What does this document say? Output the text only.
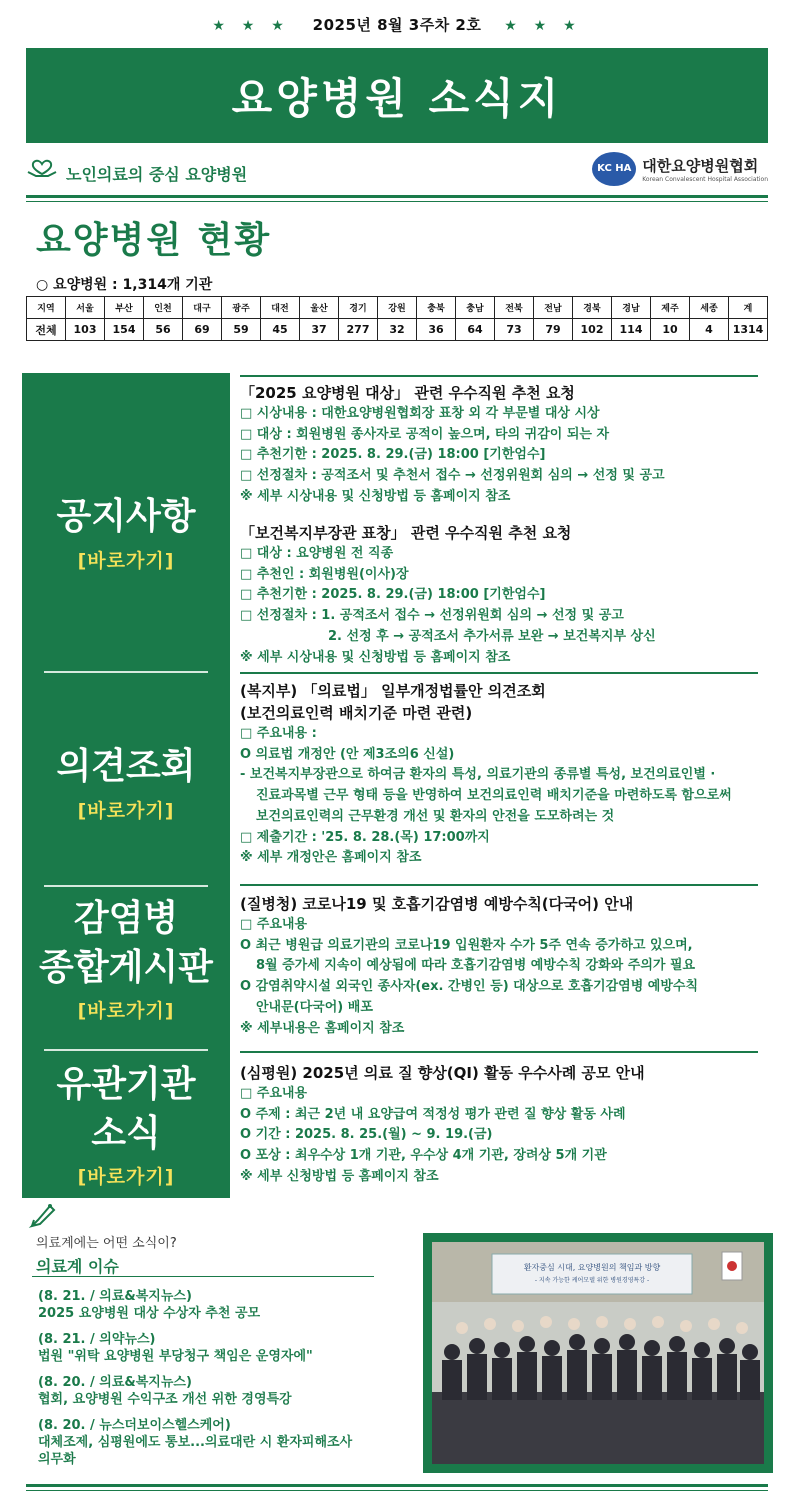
★ ★ ★ 2025년 8월 3주차 2호 ★ ★ ★
요양병원 소식지
노인의료의 중심 요양병원	KC HA 대한요양병원협회
Korean Convalescent Hospital Association
요양병원 현황
○ 요양병원 : 1,314개 기관
지역	서울	부산	인천	대구	광주	대전	울산	경기	강원	충북	충남	전북	전남	경북	경남	제주	세종	계
전체	103	154	56	69	59	45	37	277	32	36	64	73	79	102	114	10	4	1314
공지사항
[바로가기]
의견조회
[바로가기]
감염병
종합게시판
[바로가기]
유관기관
소식
[바로가기]
「2025 요양병원 대상」 관련 우수직원 추천 요청
□ 시상내용 : 대한요양병원협회장 표창 외 각 부문별 대상 시상
□ 대상 : 회원병원 종사자로 공적이 높으며, 타의 귀감이 되는 자
□ 추천기한 : 2025. 8. 29.(금) 18:00 [기한엄수]
□ 선정절차 : 공적조서 및 추천서 접수 → 선정위원회 심의 → 선정 및 공고
※ 세부 시상내용 및 신청방법 등 홈페이지 참조
「보건복지부장관 표창」 관련 우수직원 추천 요청
□ 대상 : 요양병원 전 직종
□ 추천인 : 회원병원(이사)장
□ 추천기한 : 2025. 8. 29.(금) 18:00 [기한엄수]
□ 선정절차 : 1. 공적조서 접수 → 선정위원회 심의 → 선정 및 공고
2. 선정 후 → 공적조서 추가서류 보완 → 보건복지부 상신
※ 세부 시상내용 및 신청방법 등 홈페이지 참조
(복지부) 「의료법」 일부개정법률안 의견조회
(보건의료인력 배치기준 마련 관련)
□ 주요내용 :
O 의료법 개정안 (안 제3조의6 신설)
- 보건복지부장관으로 하여금 환자의 특성, 의료기관의 종류별 특성, 보건의료인별 ·
진료과목별 근무 형태 등을 반영하여 보건의료인력 배치기준을 마련하도록 함으로써
보건의료인력의 근무환경 개선 및 환자의 안전을 도모하려는 것
□ 제출기간 : '25. 8. 28.(목) 17:00까지
※ 세부 개정안은 홈페이지 참조
(질병청) 코로나19 및 호흡기감염병 예방수칙(다국어) 안내
□ 주요내용
O 최근 병원급 의료기관의 코로나19 입원환자 수가 5주 연속 증가하고 있으며,
8월 증가세 지속이 예상됨에 따라 호흡기감염병 예방수칙 강화와 주의가 필요
O 감염취약시설 외국인 종사자(ex. 간병인 등) 대상으로 호흡기감염병 예방수칙
안내문(다국어) 배포
※ 세부내용은 홈페이지 참조
(심평원) 2025년 의료 질 향상(QI) 활동 우수사례 공모 안내
□ 주요내용
O 주제 : 최근 2년 내 요양급여 적정성 평가 관련 질 향상 활동 사례
O 기간 : 2025. 8. 25.(월) ~ 9. 19.(금)
O 포상 : 최우수상 1개 기관, 우수상 4개 기관, 장려상 5개 기관
※ 세부 신청방법 등 홈페이지 참조
의료계에는 어떤 소식이?
의료계 이슈
(8. 21. / 의료&복지뉴스)
2025 요양병원 대상 수상자 추천 공모
(8. 21. / 의약뉴스)
법원 "위탁 요양병원 부당청구 책임은 운영자에"
(8. 20. / 의료&복지뉴스)
협회, 요양병원 수익구조 개선 위한 경영특강
(8. 20. / 뉴스더보이스헬스케어)
대체조제, 심평원에도 통보...의료대란 시 환자피해조사
의무화
환자중심 시대, 요양병원의 책임과 방향
- 지속 가능한 케어모델 위한 병원경영특강 -
